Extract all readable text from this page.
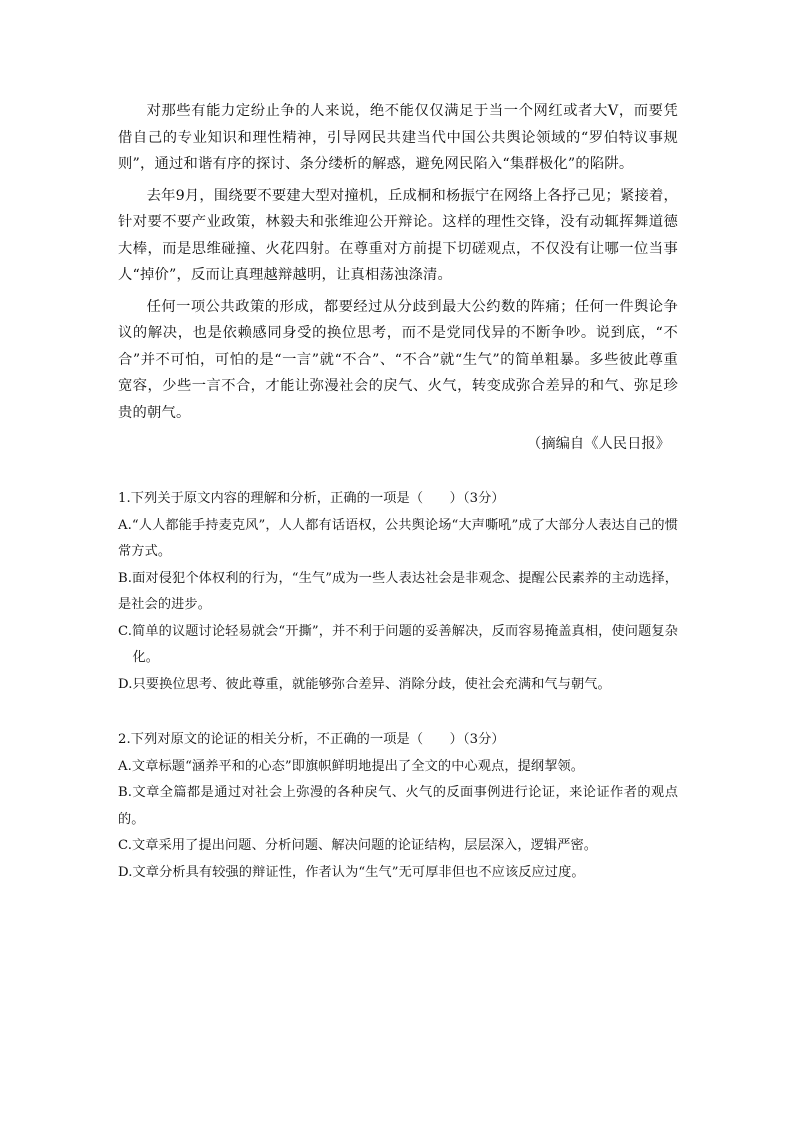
对那些有能力定纷止争的人来说，绝不能仅仅满足于当一个网红或者大V，而要凭借自己的专业知识和理性精神，引导网民共建当代中国公共舆论领域的“罗伯特议事规则”，通过和谐有序的探讨、条分缕析的解惑，避免网民陷入“集群极化”的陷阱。

去年9月，围绕要不要建大型对撞机，丘成桐和杨振宁在网络上各抒己见；紧接着，针对要不要产业政策，林毅夫和张维迎公开辩论。这样的理性交锋，没有动辄挥舞道德大棒，而是思维碰撞、火花四射。在尊重对方前提下切磋观点，不仅没有让哪一位当事人“掉价”，反而让真理越辩越明，让真相荡浊涤清。

任何一项公共政策的形成，都要经过从分歧到最大公约数的阵痛；任何一件舆论争议的解决，也是依赖感同身受的换位思考，而不是党同伐异的不断争吵。说到底，“不合”并不可怕，可怕的是“一言”就“不合”、“不合”就“生气”的简单粗暴。多些彼此尊重宽容，少些一言不合，才能让弥漫社会的戾气、火气，转变成弥合差异的和气、弥足珍贵的朝气。

（摘编自《人民日报》

1.下列关于原文内容的理解和分析，正确的一项是（　　）（3分）

A.“人人都能手持麦克风”，人人都有话语权，公共舆论场“大声嘶吼”成了大部分人表达自己的惯常方式。

B.面对侵犯个体权利的行为，“生气”成为一些人表达社会是非观念、提醒公民素养的主动选择，是社会的进步。

C.简单的议题讨论轻易就会“开撕”，并不利于问题的妥善解决，反而容易掩盖真相，使问题复杂化。

D.只要换位思考、彼此尊重，就能够弥合差异、消除分歧，使社会充满和气与朝气。

2.下列对原文的论证的相关分析，不正确的一项是（　　）（3分）

A.文章标题“涵养平和的心态”即旗帜鲜明地提出了全文的中心观点，提纲挈领。

B.文章全篇都是通过对社会上弥漫的各种戾气、火气的反面事例进行论证，来论证作者的观点的。

C.文章采用了提出问题、分析问题、解决问题的论证结构，层层深入，逻辑严密。

D.文章分析具有较强的辩证性，作者认为“生气”无可厚非但也不应该反应过度。
